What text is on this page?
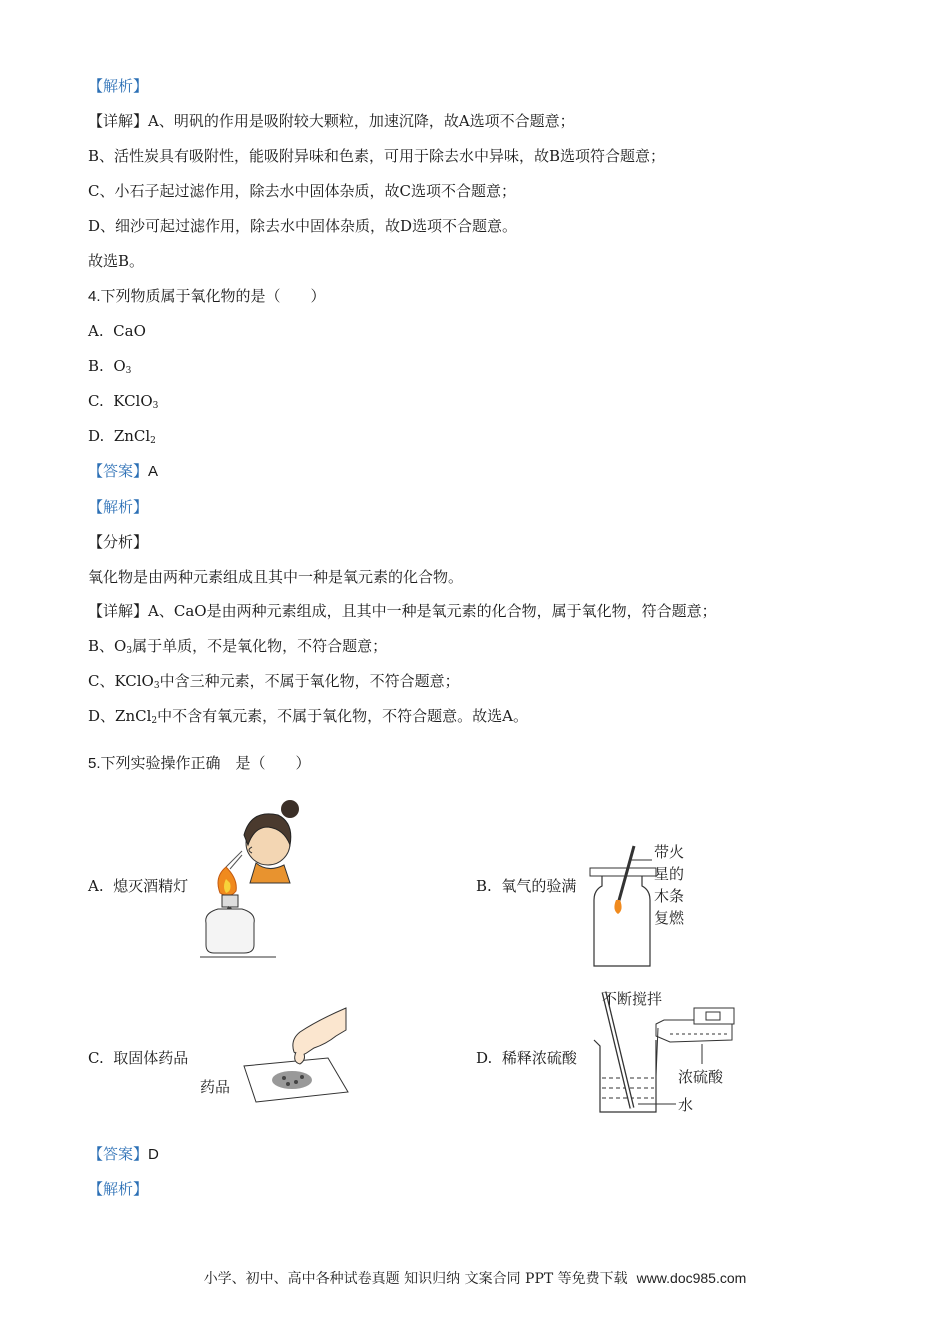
【解析】
【详解】A、明矾的作用是吸附较大颗粒，加速沉降，故A选项不合题意；
B、活性炭具有吸附性，能吸附异味和色素，可用于除去水中异味，故B选项符合题意；
C、小石子起过滤作用，除去水中固体杂质，故C选项不合题意；
D、细沙可起过滤作用，除去水中固体杂质，故D选项不合题意。
故选B。
4.下列物质属于氧化物的是（　　）
A. CaO
B. $O_3$
C. KClO$_3$
D. ZnCl$_2$
【答案】A
【解析】
【分析】
氧化物是由两种元素组成且其中一种是氧元素的化合物。
【详解】A、CaO是由两种元素组成，且其中一种是氧元素的化合物，属于氧化物，符合题意；
B、$O_3$属于单质，不是氧化物，不符合题意；
C、KClO$_3$中含三种元素，不属于氧化物，不符合题意；
D、ZnCl$_2$中不含有氧元素，不属于氧化物，不符合题意。故选A。
5.下列实验操作正确　是（　　）
A. 熄灭酒精灯	B. 氧气的验满
带火
星的
木条
复燃
C. 取固体药品
药品
D. 稀释浓硫酸
不断搅拌
浓硫酸
水
【答案】D
【解析】
小学、初中、高中各种试卷真题 知识归纳 文案合同 PPT 等免费下载 www.doc985.com
